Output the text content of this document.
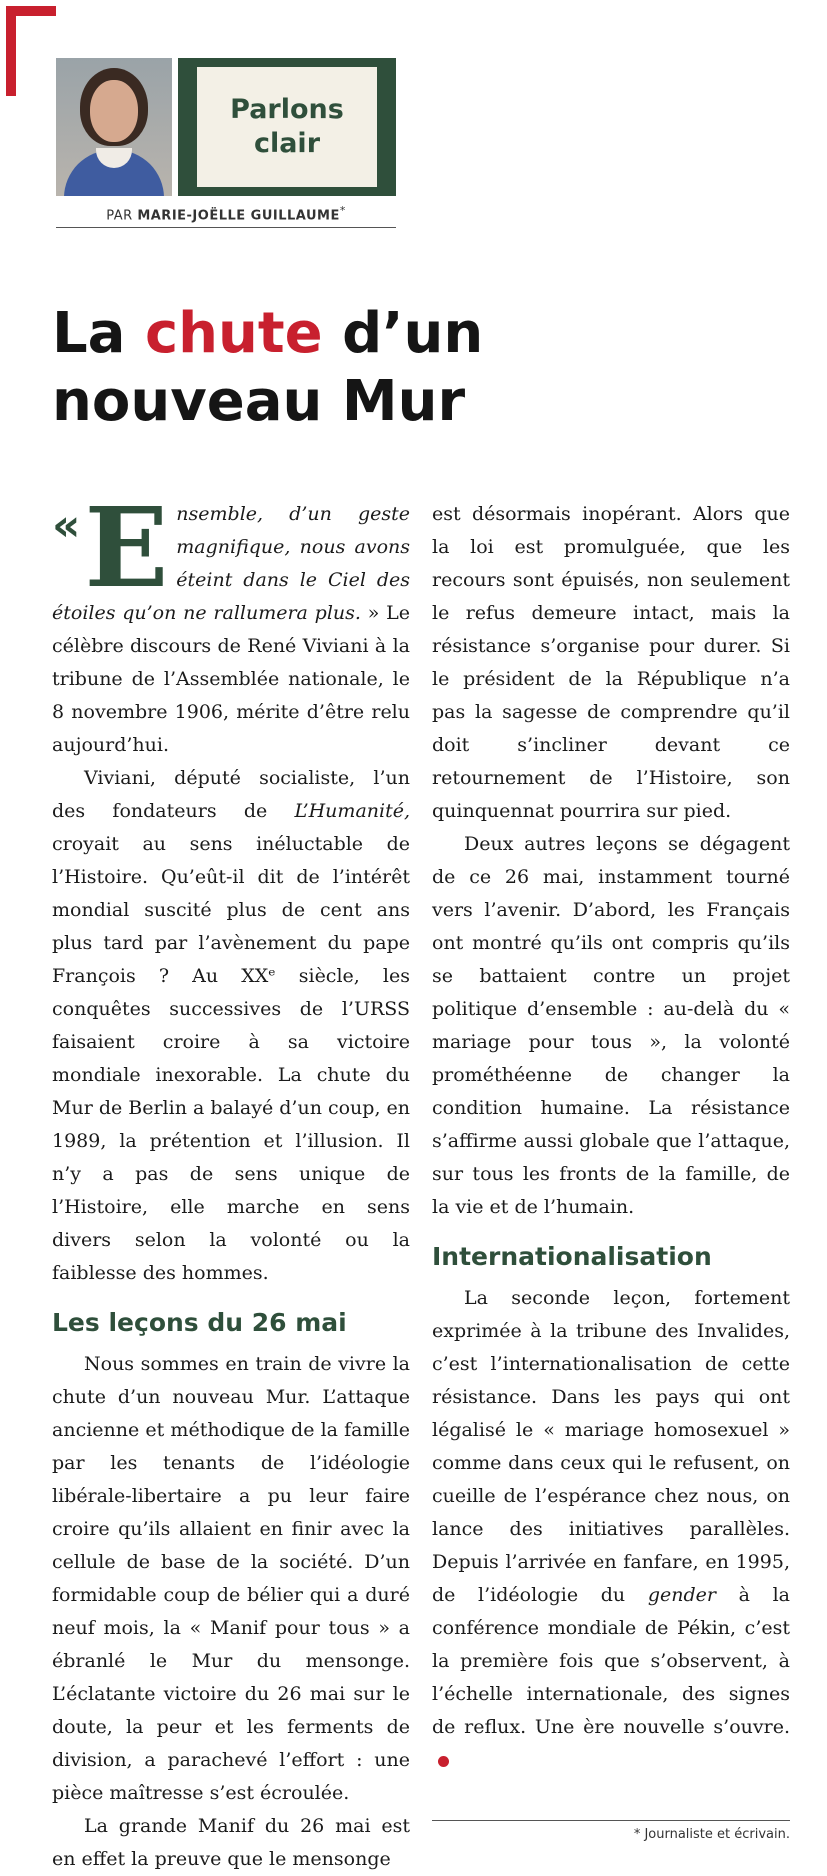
Parlons
clair
PAR MARIE-JOËLLE GUILLAUME*
La chute d’un
nouveau Mur

« E nsemble, d’un geste magnifique, nous avons éteint dans le Ciel des étoiles qu’on ne rallumera plus. » Le célèbre discours de René Viviani à la tribune de l’Assemblée nationale, le 8 novembre 1906, mérite d’être relu aujourd’hui.

Viviani, député socialiste, l’un des fondateurs de L’Humanité, croyait au sens inéluctable de l’Histoire. Qu’eût-il dit de l’intérêt mondial suscité plus de cent ans plus tard par l’avènement du pape François ? Au XXᵉ siècle, les conquêtes successives de l’URSS faisaient croire à sa victoire mondiale inexorable. La chute du Mur de Berlin a balayé d’un coup, en 1989, la prétention et l’illusion. Il n’y a pas de sens unique de l’Histoire, elle marche en sens divers selon la volonté ou la faiblesse des hommes.

Les leçons du 26 mai

Nous sommes en train de vivre la chute d’un nouveau Mur. L’attaque ancienne et méthodique de la famille par les tenants de l’idéologie libérale-libertaire a pu leur faire croire qu’ils allaient en finir avec la cellule de base de la société. D’un formidable coup de bélier qui a duré neuf mois, la « Manif pour tous » a ébranlé le Mur du mensonge. L’éclatante victoire du 26 mai sur le doute, la peur et les ferments de division, a parachevé l’effort : une pièce maîtresse s’est écroulée.

La grande Manif du 26 mai est en effet la preuve que le mensonge

est désormais inopérant. Alors que la loi est promulguée, que les recours sont épuisés, non seulement le refus demeure intact, mais la résistance s’organise pour durer. Si le président de la République n’a pas la sagesse de comprendre qu’il doit s’incliner devant ce retournement de l’Histoire, son quinquennat pourrira sur pied.

Deux autres leçons se dégagent de ce 26 mai, instamment tourné vers l’avenir. D’abord, les Français ont montré qu’ils ont compris qu’ils se battaient contre un projet politique d’ensemble : au-delà du « mariage pour tous », la volonté prométhéenne de changer la condition humaine. La résistance s’affirme aussi globale que l’attaque, sur tous les fronts de la famille, de la vie et de l’humain.

Internationalisation

La seconde leçon, fortement exprimée à la tribune des Invalides, c’est l’internationalisation de cette résistance. Dans les pays qui ont légalisé le « mariage homosexuel » comme dans ceux qui le refusent, on cueille de l’espérance chez nous, on lance des initiatives parallèles. Depuis l’arrivée en fanfare, en 1995, de l’idéologie du gender à la conférence mondiale de Pékin, c’est la première fois que s’observent, à l’échelle internationale, des signes de reflux. Une ère nouvelle s’ouvre.

* Journaliste et écrivain.
